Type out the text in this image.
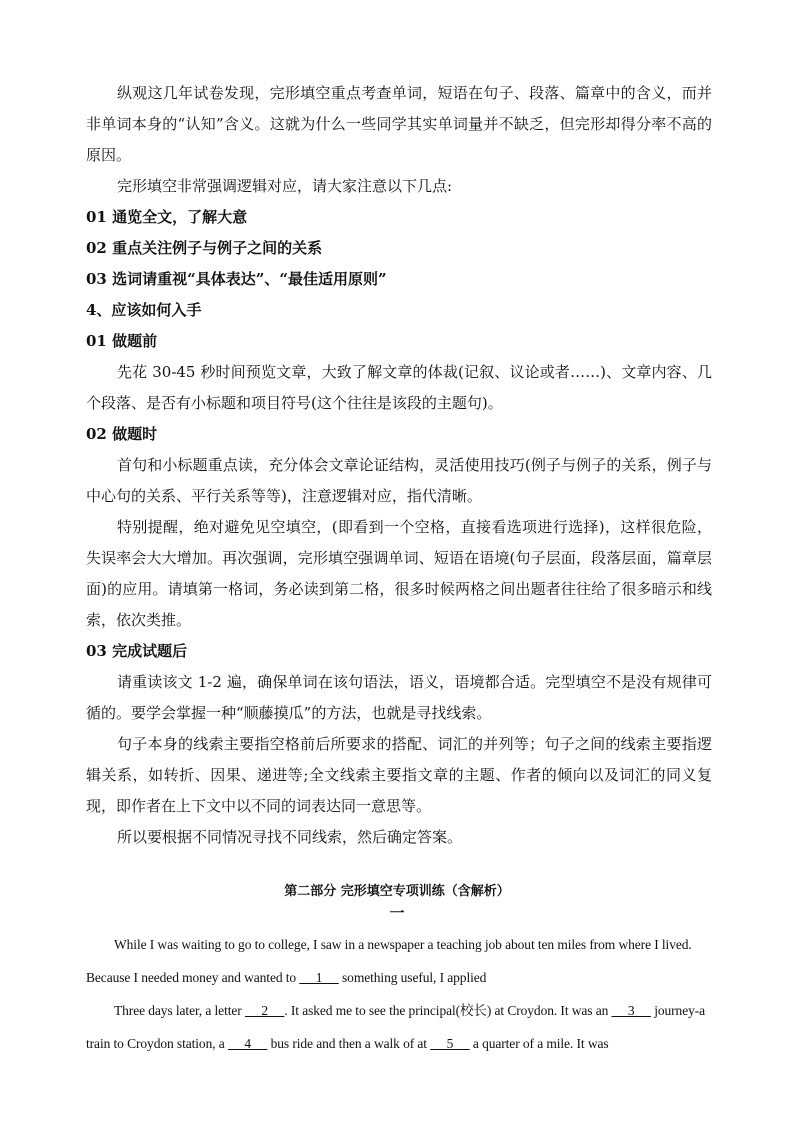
纵观这几年试卷发现，完形填空重点考查单词，短语在句子、段落、篇章中的含义，而并非单词本身的“认知”含义。这就为什么一些同学其实单词量并不缺乏，但完形却得分率不高的原因。

完形填空非常强调逻辑对应，请大家注意以下几点:

01 通览全文，了解大意

02 重点关注例子与例子之间的关系

03 选词请重视“具体表达”、“最佳适用原则”

4、应该如何入手

01 做题前

先花 30-45 秒时间预览文章，大致了解文章的体裁(记叙、议论或者……)、文章内容、几个段落、是否有小标题和项目符号(这个往往是该段的主题句)。

02 做题时

首句和小标题重点读，充分体会文章论证结构，灵活使用技巧(例子与例子的关系，例子与中心句的关系、平行关系等等)，注意逻辑对应，指代清晰。

特别提醒，绝对避免见空填空，(即看到一个空格，直接看选项进行选择)，这样很危险，失误率会大大增加。再次强调，完形填空强调单词、短语在语境(句子层面，段落层面，篇章层面)的应用。请填第一格词，务必读到第二格，很多时候两格之间出题者往往给了很多暗示和线索，依次类推。

03 完成试题后

请重读该文 1-2 遍，确保单词在该句语法，语义，语境都合适。完型填空不是没有规律可循的。要学会掌握一种“顺藤摸瓜”的方法，也就是寻找线索。

句子本身的线索主要指空格前后所要求的搭配、词汇的并列等；句子之间的线索主要指逻辑关系，如转折、因果、递进等;全文线索主要指文章的主题、作者的倾向以及词汇的同义复现，即作者在上下文中以不同的词表达同一意思等。

所以要根据不同情况寻找不同线索，然后确定答案。

第二部分 完形填空专项训练（含解析）

一

While I was waiting to go to college, I saw in a newspaper a teaching job about ten miles from where I lived. Because I needed money and wanted to      1      something useful, I applied

Three days later, a letter      2     . It asked me to see the principal(校长) at Croydon. It was an      3      journey-a train to Croydon station, a      4      bus ride and then a walk of at      5      a quarter of a mile. It was
